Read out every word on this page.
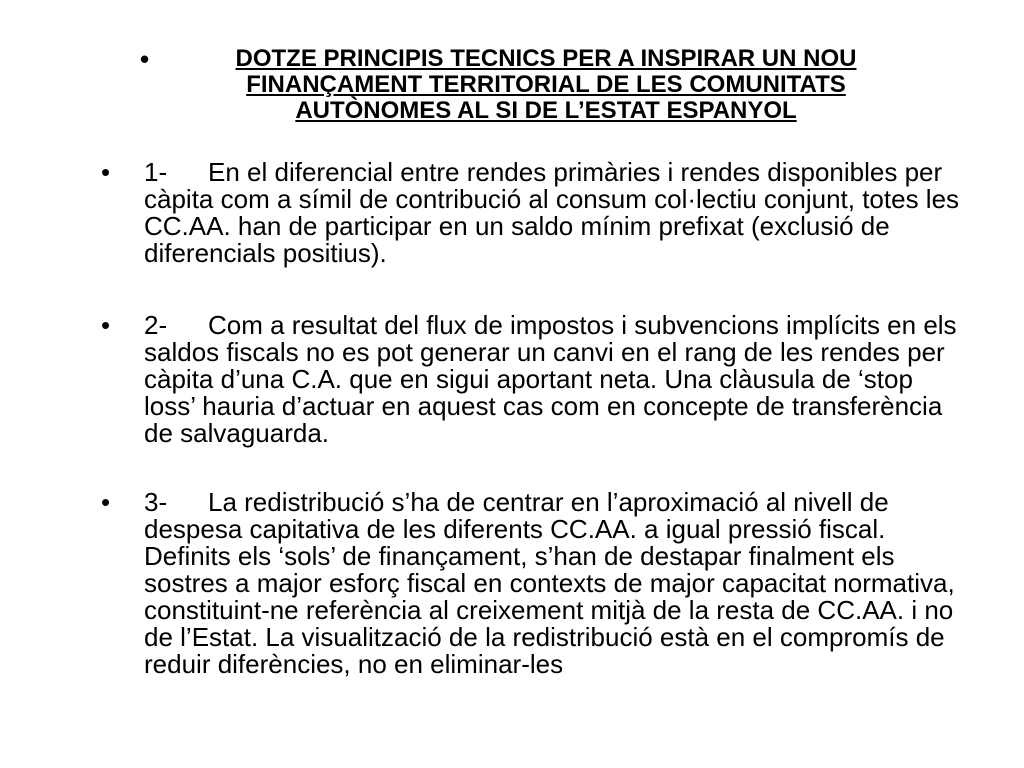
•	DOTZE PRINCIPIS TECNICS PER A INSPIRAR UN NOU FINANÇAMENT TERRITORIAL DE LES COMUNITATS AUTÒNOMES AL SI DE L’ESTAT ESPANYOL
•	1- En el diferencial entre rendes primàries i rendes disponibles per càpita com a símil de contribució al consum col·lectiu conjunt, totes les CC.AA. han de participar en un saldo mínim prefixat (exclusió de diferencials positius).
•	2- Com a resultat del flux de impostos i subvencions implícits en els saldos fiscals no es pot generar un canvi en el rang de les rendes per càpita d’una C.A. que en sigui aportant neta. Una clàusula de ‘stop loss’ hauria d’actuar en aquest cas com en concepte de transferència de salvaguarda.
•	3- La redistribució s’ha de centrar en l’aproximació al nivell de despesa capitativa de les diferents CC.AA. a igual pressió fiscal. Definits els ‘sols’ de finançament, s’han de destapar finalment els sostres a major esforç fiscal en contexts de major capacitat normativa, constituint-ne referència al creixement mitjà de la resta de CC.AA. i no de l’Estat. La visualització de la redistribució està en el compromís de reduir diferències, no en eliminar-les
